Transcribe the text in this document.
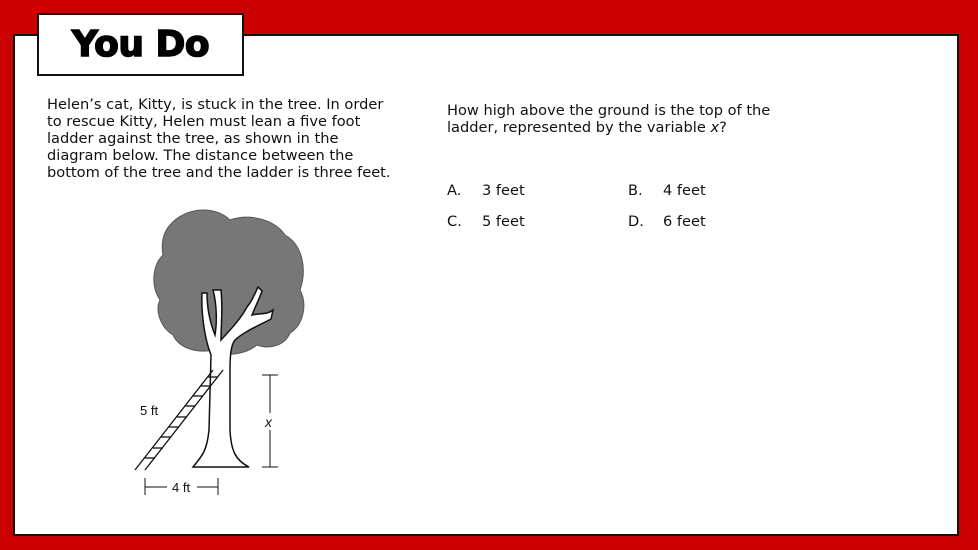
You Do

Helen’s cat, Kitty, is stuck in the tree. In order to rescue Kitty, Helen must lean a five foot ladder against the tree, as shown in the diagram below. The distance between the bottom of the tree and the ladder is three feet.

How high above the ground is the top of the ladder, represented by the variable x?

A. 3 feet	B. 4 feet
C. 5 feet	D. 6 feet
x
5 ft
4 ft
